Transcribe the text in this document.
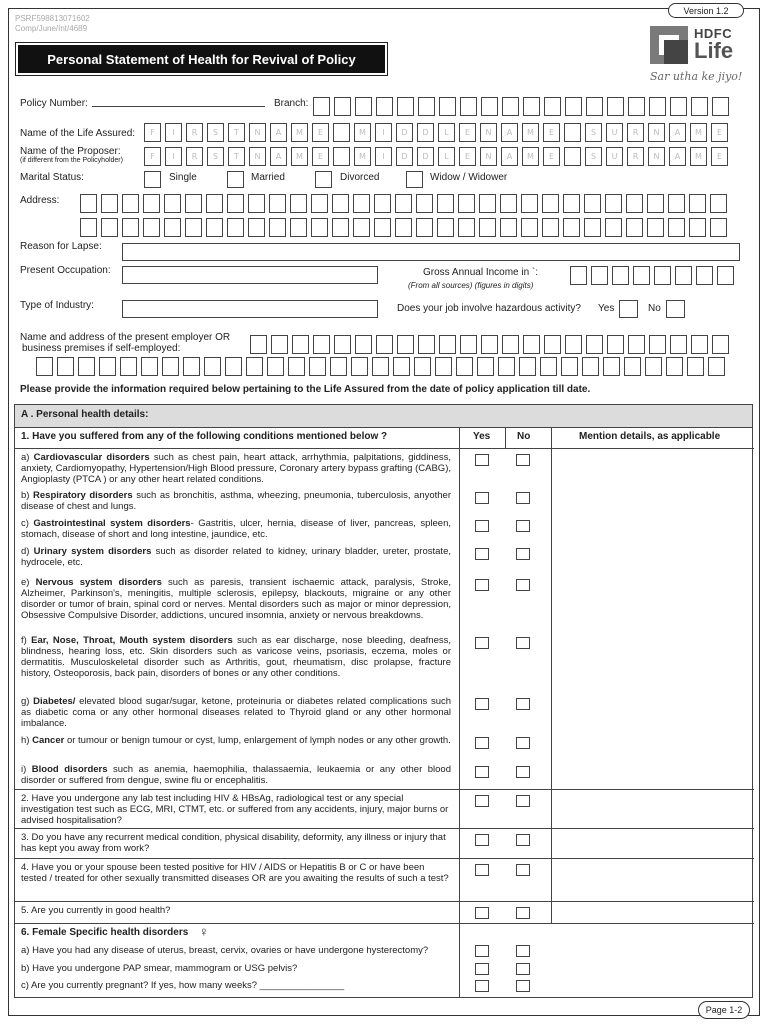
Version 1.2
PSRF598813071602
Comp/June/Int/4689
Personal Statement of Health for Revival of Policy
HDFC
Life
Sar utha ke jiyo!
Policy Number:	Branch:
Name of the Life Assured:	F I R S T N A M E	M I D D L E N A M E	S U R N A M E
Name of the Proposer:
(if different from the Policyholder)	F I R S T N A M E	M I D D L E N A M E	S U R N A M E
Marital Status:	Single	Married	Divorced	Widow / Widower
Address:
Reason for Lapse:
Present Occupation:	Gross Annual Income in `:
(From all sources) (figures in digits)
Type of Industry:	Does your job involve hazardous activity? Yes	No
Name and address of the present employer OR
business premises if self-employed:
Please provide the information required below pertaining to the Life Assured from the date of policy application till date.
A . Personal health details:
1. Have you suffered from any of the following conditions mentioned below ?	Yes	No	Mention details, as applicable
a) Cardiovascular disorders such as chest pain, heart attack, arrhythmia, palpitations, giddiness, anxiety, Cardiomyopathy, Hypertension/High Blood pressure, Coronary artery bypass grafting (CABG), Angioplasty (PTCA ) or any other heart related conditions.
b) Respiratory disorders such as bronchitis, asthma, wheezing, pneumonia, tuberculosis, anyother disease of chest and lungs.
c) Gastrointestinal system disorders- Gastritis, ulcer, hernia, disease of liver, pancreas, spleen, stomach, disease of short and long intestine, jaundice, etc.
d) Urinary system disorders such as disorder related to kidney, urinary bladder, ureter, prostate, hydrocele, etc.
e) Nervous system disorders such as paresis, transient ischaemic attack, paralysis, Stroke, Alzheimer, Parkinson's, meningitis, multiple sclerosis, epilepsy, blackouts, migraine or any other disorder or tumor of brain, spinal cord or nerves. Mental disorders such as major or minor depression, Obsessive Compulsive Disorder, addictions, uncured insomnia, anxiety or nervous breakdowns.
f) Ear, Nose, Throat, Mouth system disorders such as ear discharge, nose bleeding, deafness, blindness, hearing loss, etc. Skin disorders such as varicose veins, psoriasis, eczema, moles or dermatitis. Musculoskeletal disorder such as Arthritis, gout, rheumatism, disc prolapse, fracture history, Osteoporosis, back pain, disorders of bones or any other conditions.
g) Diabetes/ elevated blood sugar/sugar, ketone, proteinuria or diabetes related complications such as diabetic coma or any other hormonal diseases related to Thyroid gland or any other hormonal imbalance.
h) Cancer or tumour or benign tumour or cyst, lump, enlargement of lymph nodes or any other growth.
i) Blood disorders such as anemia, haemophilia, thalassaemia, leukaemia or any other blood disorder or suffered from dengue, swine flu or encephalitis.
2. Have you undergone any lab test including HIV & HBsAg, radiological test or any special investigation test such as ECG, MRI, CTMT, etc. or suffered from any accidents, injury, major burns or advised hospitalisation?
3. Do you have any recurrent medical condition, physical disability, deformity, any illness or injury that has kept you away from work?
4. Have you or your spouse been tested positive for HIV / AIDS or Hepatitis B or C or have been tested / treated for other sexually transmitted diseases OR are you awaiting the results of such a test?
5. Are you currently in good health?
6. Female Specific health disorders ♀
a) Have you had any disease of uterus, breast, cervix, ovaries or have undergone hysterectomy?
b) Have you undergone PAP smear, mammogram or USG pelvis?
c) Are you currently pregnant? If yes, how many weeks? ________________
Page 1-2
